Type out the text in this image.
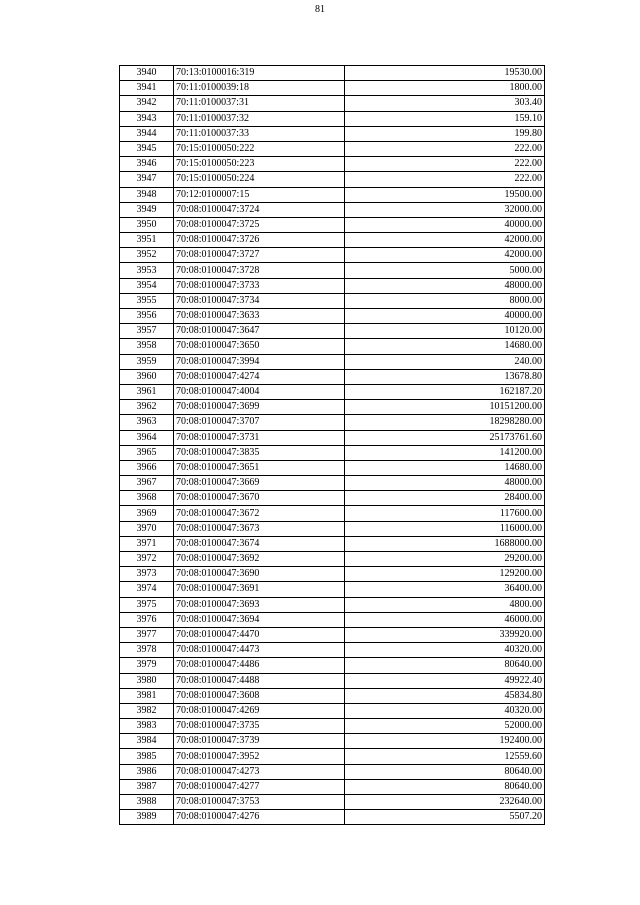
81
3940	70:13:0100016:319	19530.00
3941	70:11:0100039:18	1800.00
3942	70:11:0100037:31	303.40
3943	70:11:0100037:32	159.10
3944	70:11:0100037:33	199.80
3945	70:15:0100050:222	222.00
3946	70:15:0100050:223	222.00
3947	70:15:0100050:224	222.00
3948	70:12:0100007:15	19500.00
3949	70:08:0100047:3724	32000.00
3950	70:08:0100047:3725	40000.00
3951	70:08:0100047:3726	42000.00
3952	70:08:0100047:3727	42000.00
3953	70:08:0100047:3728	5000.00
3954	70:08:0100047:3733	48000.00
3955	70:08:0100047:3734	8000.00
3956	70:08:0100047:3633	40000.00
3957	70:08:0100047:3647	10120.00
3958	70:08:0100047:3650	14680.00
3959	70:08:0100047:3994	240.00
3960	70:08:0100047:4274	13678.80
3961	70:08:0100047:4004	162187.20
3962	70:08:0100047:3699	10151200.00
3963	70:08:0100047:3707	18298280.00
3964	70:08:0100047:3731	25173761.60
3965	70:08:0100047:3835	141200.00
3966	70:08:0100047:3651	14680.00
3967	70:08:0100047:3669	48000.00
3968	70:08:0100047:3670	28400.00
3969	70:08:0100047:3672	117600.00
3970	70:08:0100047:3673	116000.00
3971	70:08:0100047:3674	1688000.00
3972	70:08:0100047:3692	29200.00
3973	70:08:0100047:3690	129200.00
3974	70:08:0100047:3691	36400.00
3975	70:08:0100047:3693	4800.00
3976	70:08:0100047:3694	46000.00
3977	70:08:0100047:4470	339920.00
3978	70:08:0100047:4473	40320.00
3979	70:08:0100047:4486	80640.00
3980	70:08:0100047:4488	49922.40
3981	70:08:0100047:3608	45834.80
3982	70:08:0100047:4269	40320.00
3983	70:08:0100047:3735	52000.00
3984	70:08:0100047:3739	192400.00
3985	70:08:0100047:3952	12559.60
3986	70:08:0100047:4273	80640.00
3987	70:08:0100047:4277	80640.00
3988	70:08:0100047:3753	232640.00
3989	70:08:0100047:4276	5507.20
